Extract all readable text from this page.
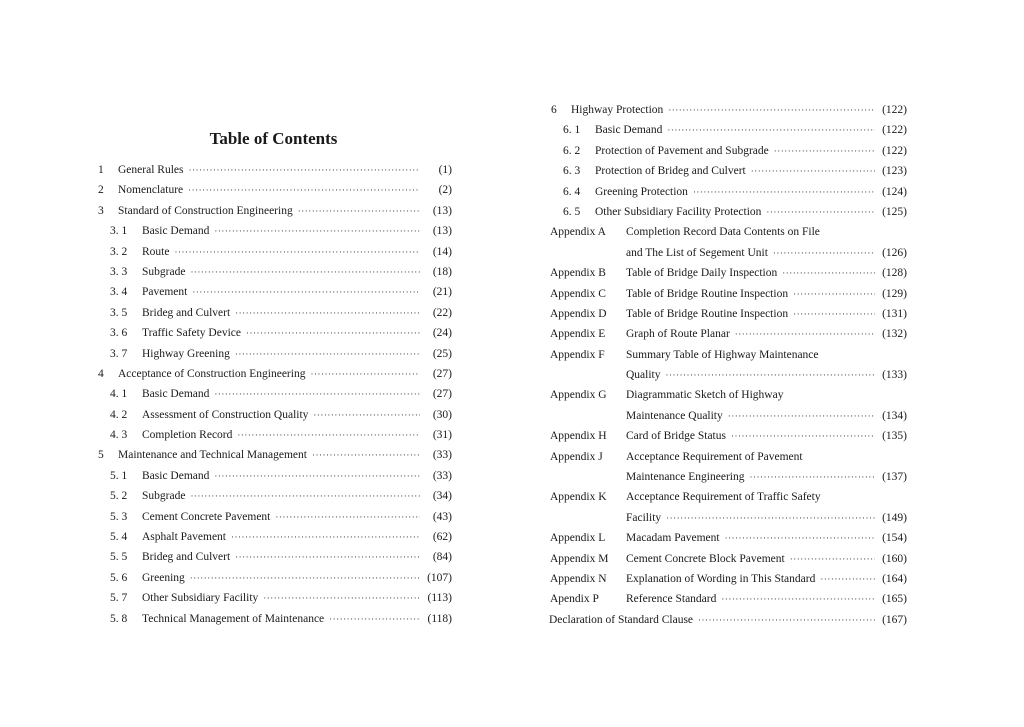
Table of Contents
1	General Rules ·····	(1)
2	Nomenclature ·····	(2)
3	Standard of Construction Engineering ·····	(13)
3. 1	Basic Demand ·····	(13)
3. 2	Route ·····	(14)
3. 3	Subgrade ·····	(18)
3. 4	Pavement ·····	(21)
3. 5	Brideg and Culvert ·····	(22)
3. 6	Traffic Safety Device ·····	(24)
3. 7	Highway Greening ·····	(25)
4	Acceptance of Construction Engineering ·····	(27)
4. 1	Basic Demand ·····	(27)
4. 2	Assessment of Construction Quality ·····	(30)
4. 3	Completion Record ·····	(31)
5	Maintenance and Technical Management ·····	(33)
5. 1	Basic Demand ·····	(33)
5. 2	Subgrade ·····	(34)
5. 3	Cement Concrete Pavement ·····	(43)
5. 4	Asphalt Pavement ·····	(62)
5. 5	Brideg and Culvert ·····	(84)
5. 6	Greening ·····	(107)
5. 7	Other Subsidiary Facility ·····	(113)
5. 8	Technical Management of Maintenance ·····	(118)
6	Highway Protection ·····	(122)
6. 1	Basic Demand ·····	(122)
6. 2	Protection of Pavement and Subgrade ·····	(122)
6. 3	Protection of Brideg and Culvert ·····	(123)
6. 4	Greening Protection ·····	(124)
6. 5	Other Subsidiary Facility Protection ·····	(125)
Appendix A	Completion Record Data Contents on File
and The List of Segement Unit ·····	(126)
Appendix B	Table of Bridge Daily Inspection ·····	(128)
Appendix C	Table of Bridge Routine Inspection ·····	(129)
Appendix D	Table of Bridge Routine Inspection ·····	(131)
Appendix E	Graph of Route Planar ·····	(132)
Appendix F	Summary Table of Highway Maintenance
Quality ·····	(133)
Appendix G	Diagrammatic Sketch of Highway
Maintenance Quality ·····	(134)
Appendix H	Card of Bridge Status ·····	(135)
Appendix J	Acceptance Requirement of Pavement
Maintenance Engineering ·····	(137)
Appendix K	Acceptance Requirement of Traffic Safety
Facility ·····	(149)
Appendix L	Macadam Pavement ·····	(154)
Appendix M	Cement Concrete Block Pavement ·····	(160)
Appendix N	Explanation of Wording in This Standard ·····	(164)
Apendix P	Reference Standard ·····	(165)
Declaration of Standard Clause ·····	(167)
